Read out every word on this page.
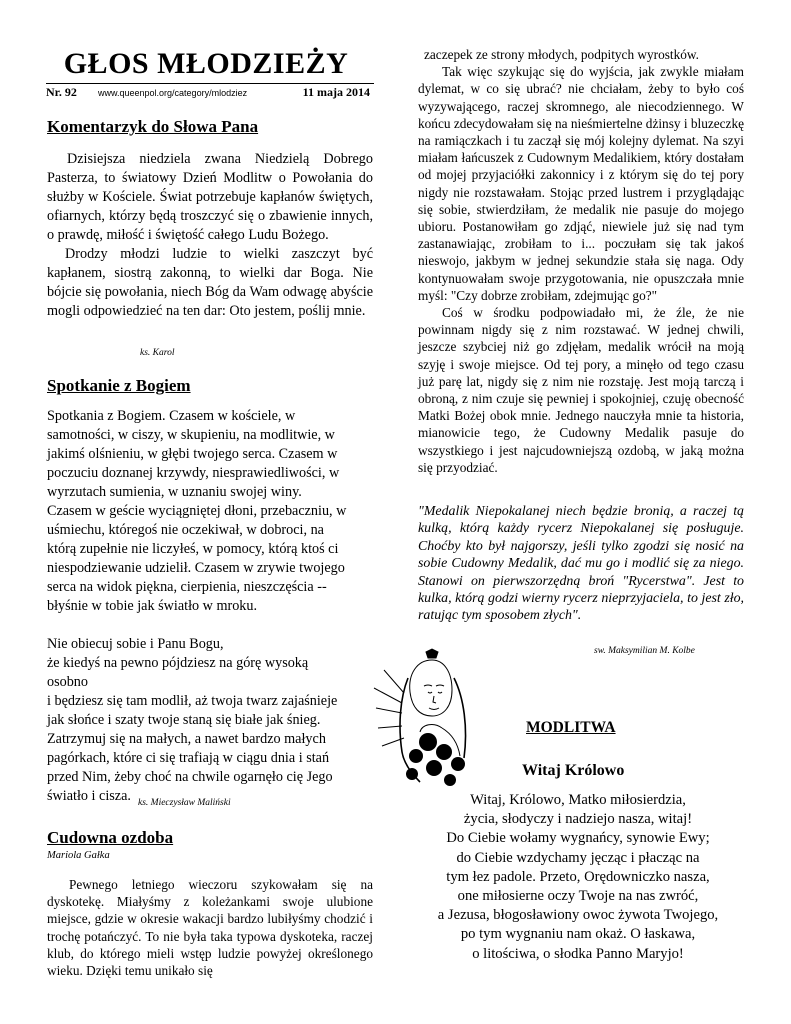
GŁOS MŁODZIEŻY
Nr. 92 www.queenpol.org/category/mlodziez	11 maja 2014
Komentarzyk do Słowa Pana

Dzisiejsza niedziela zwana Niedzielą Dobrego Pasterza, to światowy Dzień Modlitw o Powołania do służby w Kościele. Świat potrzebuje kapłanów świętych, ofiarnych, którzy będą troszczyć się o zbawienie innych, o prawdę, miłość i świętość całego Ludu Bożego.

Drodzy młodzi ludzie to wielki zaszczyt być kapłanem, siostrą zakonną, to wielki dar Boga. Nie bójcie się powołania, niech Bóg da Wam odwagę abyście mogli odpowiedzieć na ten dar: Oto jestem, poślij mnie.

ks. Karol
Spotkanie z Bogiem
Spotkania z Bogiem. Czasem w kościele, w
samotności, w ciszy, w skupieniu, na modlitwie, w
jakimś olśnieniu, w głębi twojego serca. Czasem w
poczuciu doznanej krzywdy, niesprawiedliwości, w
wyrzutach sumienia, w uznaniu swojej winy.
Czasem w geście wyciągniętej dłoni, przebaczniu, w
uśmiechu, któregoś nie oczekiwał, w dobroci, na
którą zupełnie nie liczyłeś, w pomocy, którą ktoś ci
niespodziewanie udzielił. Czasem w zrywie twojego
serca na widok piękna, cierpienia, nieszczęścia --
błyśnie w tobie jak światło w mroku.
Nie obiecuj sobie i Panu Bogu,
że kiedyś na pewno pójdziesz na górę wysoką
osobno
i będziesz się tam modlił, aż twoja twarz zajaśnieje
jak słońce i szaty twoje staną się białe jak śnieg.
Zatrzymuj się na małych, a nawet bardzo małych
pagórkach, które ci się trafiają w ciągu dnia i stań
przed Nim, żeby choć na chwile ogarnęło cię Jego
światło i cisza. ks. Mieczysław Maliński
Cudowna ozdoba
Mariola Gałka

Pewnego letniego wieczoru szykowałam się na dyskotekę. Miałyśmy z koleżankami swoje ulubione miejsce, gdzie w okresie wakacji bardzo lubiłyśmy chodzić i trochę potańczyć. To nie była taka typowa dyskoteka, raczej klub, do którego mieli wstęp ludzie powyżej określonego wieku. Dzięki temu unikało się

zaczepek ze strony młodych, podpitych wyrostków.

Tak więc szykując się do wyjścia, jak zwykle miałam dylemat, w co się ubrać? nie chciałam, żeby to było coś wyzywającego, raczej skromnego, ale niecodziennego. W końcu zdecydowałam się na nieśmiertelne dżinsy i bluzeczkę na ramiączkach i tu zaczął się mój kolejny dylemat. Na szyi miałam łańcuszek z Cudownym Medalikiem, który dostałam od mojej przyjaciółki zakonnicy i z którym się do tej pory nigdy nie rozstawałam. Stojąc przed lustrem i przyglądając się sobie, stwierdziłam, że medalik nie pasuje do mojego ubioru. Postanowiłam go zdjąć, niewiele już się nad tym zastanawiając, zrobiłam to i... poczułam się tak jakoś nieswojo, jakbym w jednej sekundzie stała się naga. Ody kontynuowałam swoje przygotowania, nie opuszczała mnie myśl: "Czy dobrze zrobiłam, zdejmując go?"

Coś w środku podpowiadało mi, że źle, że nie powinnam nigdy się z nim rozstawać. W jednej chwili, jeszcze szybciej niż go zdjęłam, medalik wrócił na moją szyję i swoje miejsce. Od tej pory, a minęło od tego czasu już parę lat, nigdy się z nim nie rozstaję. Jest moją tarczą i obroną, z nim czuje się pewniej i spokojniej, czuję obecność Matki Bożej obok mnie. Jednego nauczyła mnie ta historia, mianowicie tego, że Cudowny Medalik pasuje do wszystkiego i jest najcudowniejszą ozdobą, w jaką można się przyodziać.

"Medalik Niepokalanej niech będzie bronią, a raczej tą kulką, którą każdy rycerz Niepokalanej się posługuje. Choćby kto był najgorszy, jeśli tylko zgodzi się nosić na sobie Cudowny Medalik, dać mu go i modlić się za niego. Stanowi on pierwszorzędną broń "Rycerstwa". Jest to kulka, którą godzi wierny rycerz nieprzyjaciela, to jest zło, ratując tym sposobem złych".
sw. Maksymilian M. Kolbe
MODLITWA
Witaj Królowo
Witaj, Królowo, Matko miłosierdzia,
życia, słodyczy i nadziejo nasza, witaj!
Do Ciebie wołamy wygnańcy, synowie Ewy;
do Ciebie wzdychamy jęcząc i płacząc na
tym łez padole. Przeto, Orędowniczko nasza,
one miłosierne oczy Twoje na nas zwróć,
a Jezusa, błogosławiony owoc żywota Twojego,
po tym wygnaniu nam okaż. O łaskawa,
o litościwa, o słodka Panno Maryjo!
